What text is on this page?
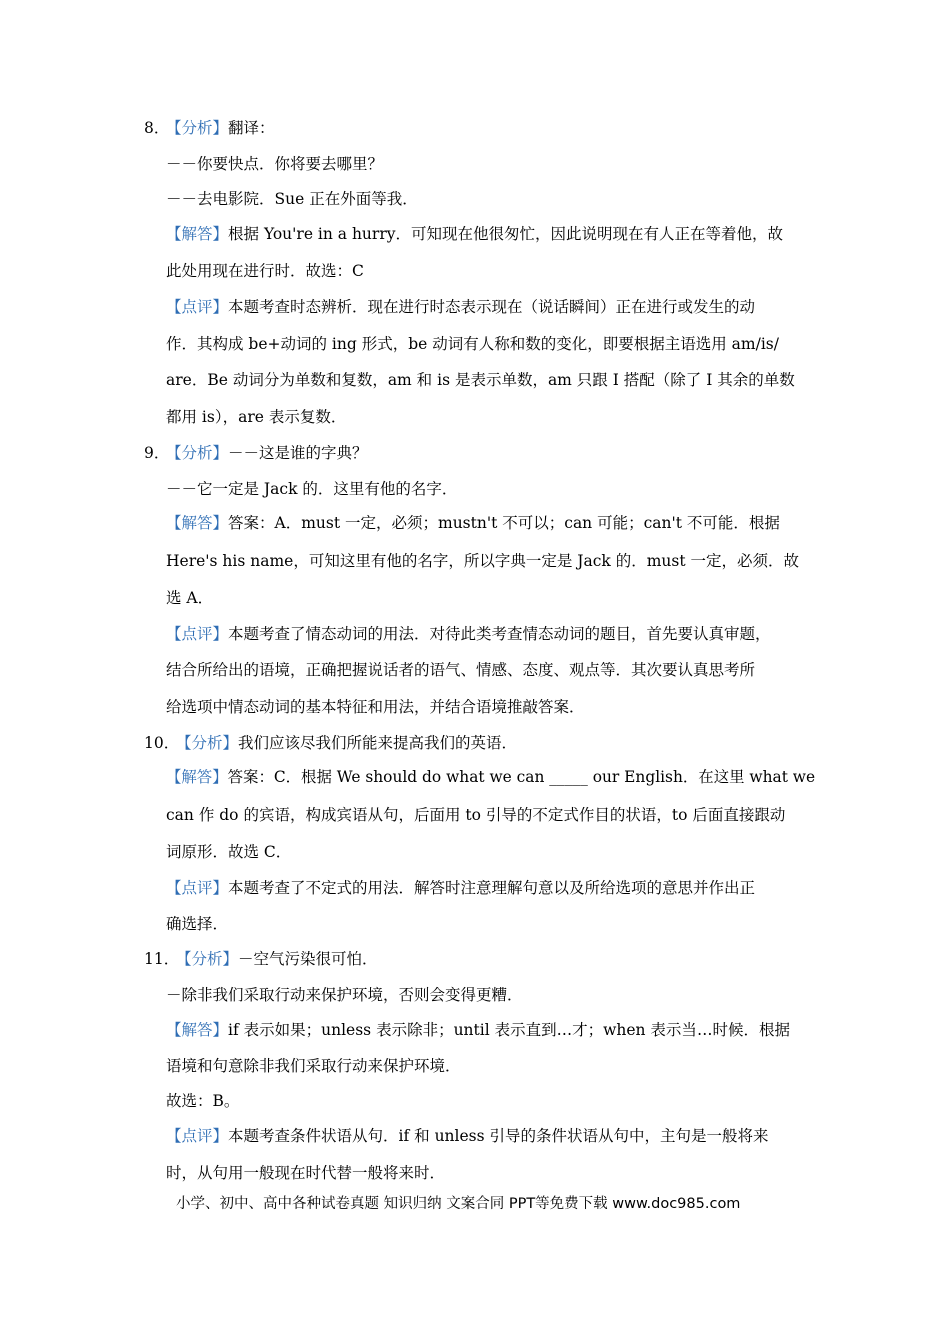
8．【分析】翻译：
－－你要快点．你将要去哪里？
－－去电影院．Sue 正在外面等我．
【解答】根据 You're in a hurry．可知现在他很匆忙，因此说明现在有人正在等着他，故
此处用现在进行时．故选：C
【点评】本题考查时态辨析．现在进行时态表示现在（说话瞬间）正在进行或发生的动
作．其构成 be+动词的 ing 形式，be 动词有人称和数的变化，即要根据主语选用 am/is/
are．Be 动词分为单数和复数，am 和 is 是表示单数，am 只跟 I 搭配（除了 I 其余的单数
都用 is），are 表示复数．
9．【分析】－－这是谁的字典？
－－它一定是 Jack 的．这里有他的名字．
【解答】答案：A．must 一定，必须；mustn't 不可以；can 可能；can't 不可能．根据
Here's his name，可知这里有他的名字，所以字典一定是 Jack 的．must 一定，必须．故
选 A．
【点评】本题考查了情态动词的用法．对待此类考查情态动词的题目，首先要认真审题，
结合所给出的语境，正确把握说话者的语气、情感、态度、观点等．其次要认真思考所
给选项中情态动词的基本特征和用法，并结合语境推敲答案．
10．【分析】我们应该尽我们所能来提高我们的英语．
【解答】答案：C．根据 We should do what we can _____ our English．在这里 what we
can 作 do 的宾语，构成宾语从句，后面用 to 引导的不定式作目的状语，to 后面直接跟动
词原形．故选 C．
【点评】本题考查了不定式的用法．解答时注意理解句意以及所给选项的意思并作出正
确选择．
11．【分析】－空气污染很可怕．
－除非我们采取行动来保护环境，否则会变得更糟．
【解答】if 表示如果；unless 表示除非；until 表示直到…才；when 表示当…时候．根据
语境和句意除非我们采取行动来保护环境．
故选：B。
【点评】本题考查条件状语从句．if 和 unless 引导的条件状语从句中，主句是一般将来
时，从句用一般现在时代替一般将来时．
小学、初中、高中各种试卷真题 知识归纳 文案合同 PPT等免费下载 www.doc985.com
